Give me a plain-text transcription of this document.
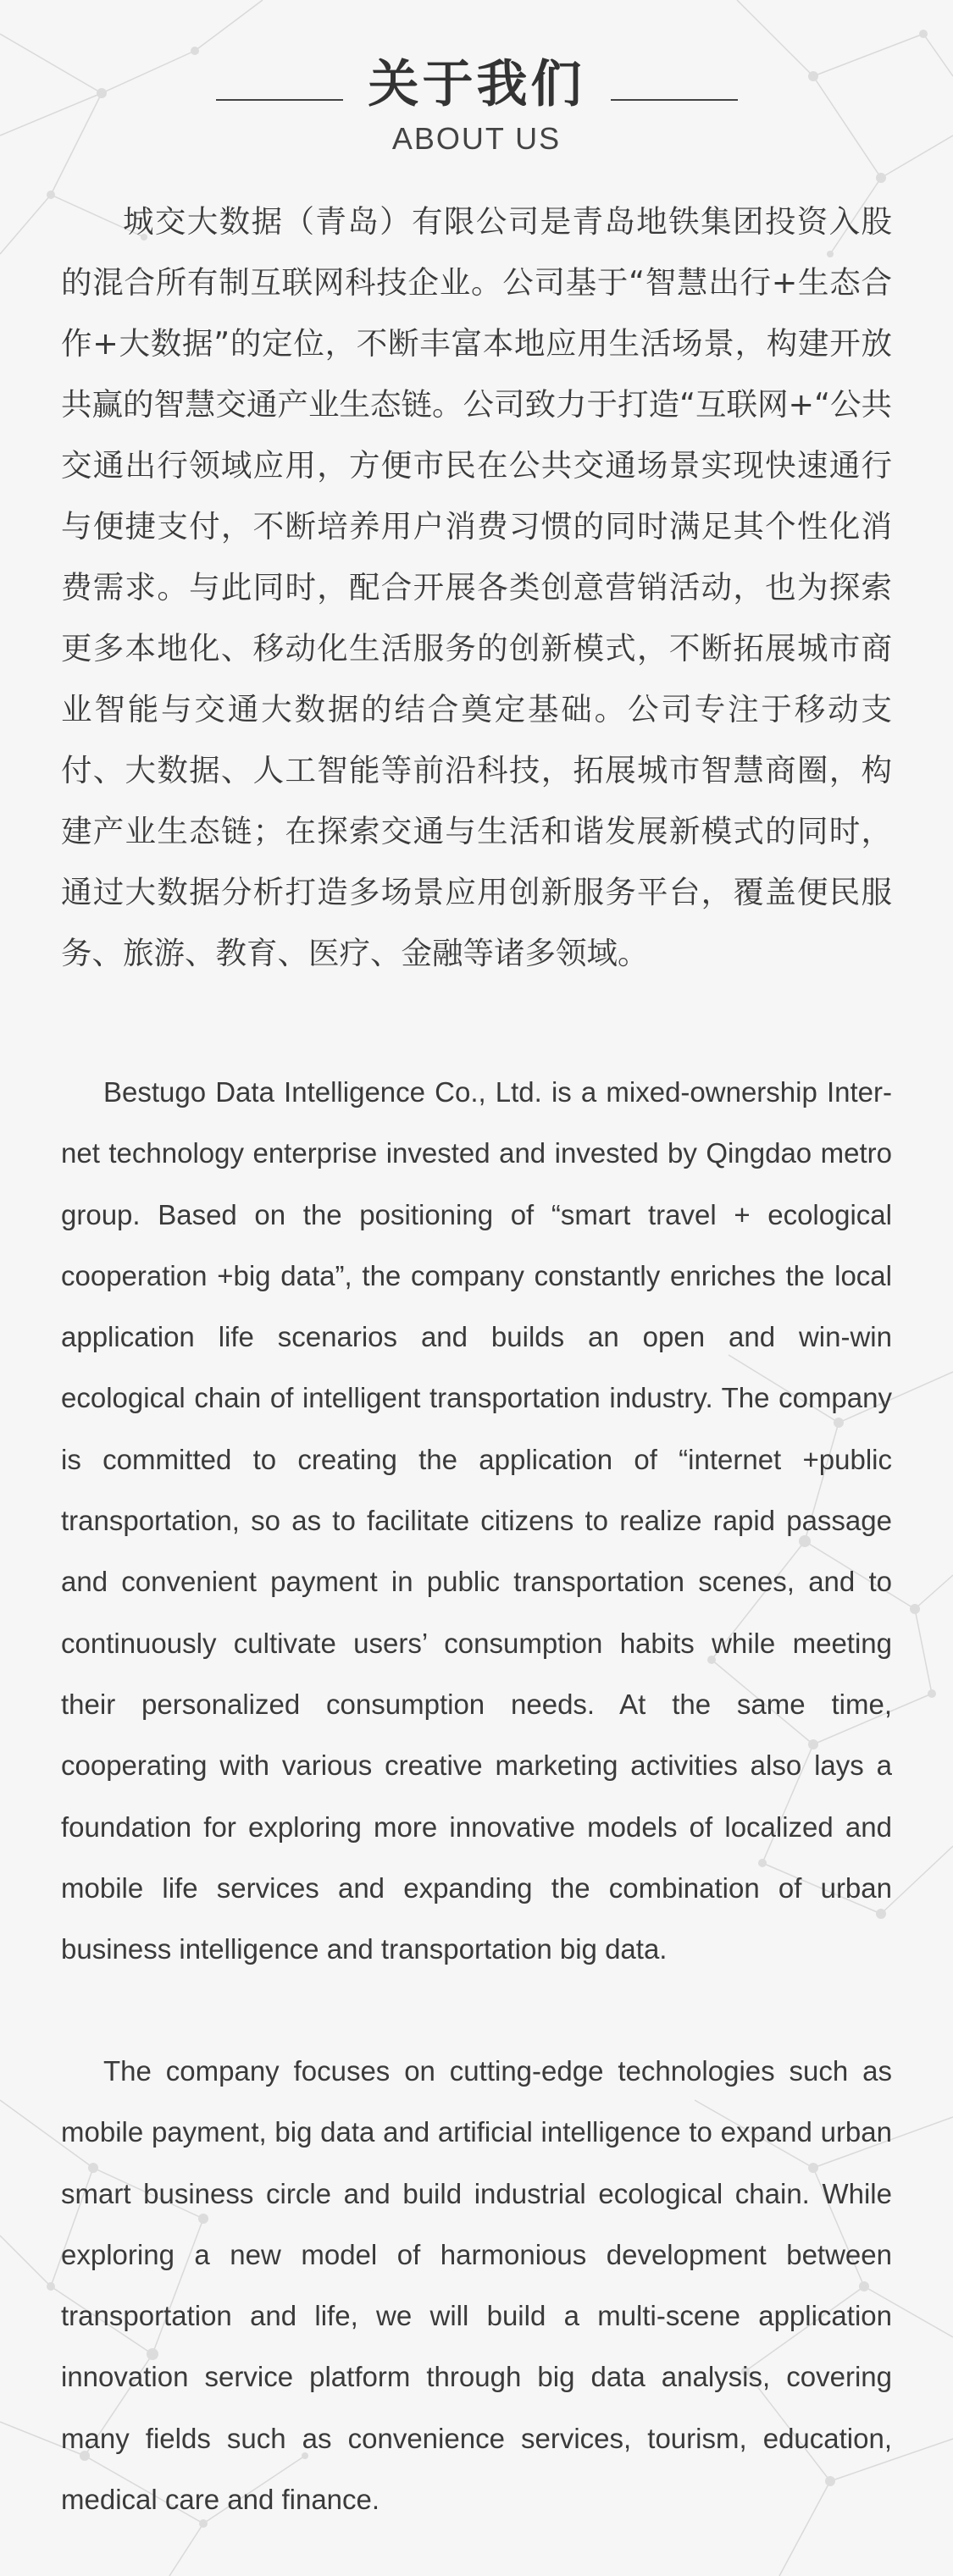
关于我们
ABOUT US

城交大数据（青岛）有限公司是青岛地铁集团投资入股的混合所有制互联网科技企业。公司基于“智慧出行+生态合作+大数据”的定位，不断丰富本地应用生活场景，构建开放共赢的智慧交通产业生态链。公司致力于打造“互联网+“公共交通出行领域应用，方便市民在公共交通场景实现快速通行与便捷支付，不断培养用户消费习惯的同时满足其个性化消费需求。与此同时，配合开展各类创意营销活动，也为探索更多本地化、移动化生活服务的创新模式，不断拓展城市商业智能与交通大数据的结合奠定基础。公司专注于移动支付、大数据、人工智能等前沿科技，拓展城市智慧商圈，构建产业生态链；在探索交通与生活和谐发展新模式的同时，通过大数据分析打造多场景应用创新服务平台，覆盖便民服务、旅游、教育、医疗、金融等诸多领域。

Bestugo Data Intelligence Co., Ltd. is a mixed-ownership Internet technology enterprise invested and invested by Qingdao metro group. Based on the positioning of “smart travel + ecological cooperation +big data”, the company constantly enriches the local application life scenarios and builds an open and win-win ecological chain of intelligent transportation industry. The company is committed to creating the application of “internet +public transportation, so as to facilitate citizens to realize rapid passage and convenient payment in public transportation scenes, and to continuously cultivate users’ consumption habits while meeting their personalized consumption needs. At the same time, cooperating with various creative marketing activities also lays a foundation for exploring more innovative models of localized and mobile life services and expanding the combination of urban business intelligence and transportation big data.

The company focuses on cutting-edge technologies such as mobile payment, big data and artificial intelligence to expand urban smart business circle and build industrial ecological chain. While exploring a new model of harmonious development between transportation and life, we will build a multi-scene application innovation service platform through big data analysis, covering many fields such as convenience services, tourism, education, medical care and finance.
